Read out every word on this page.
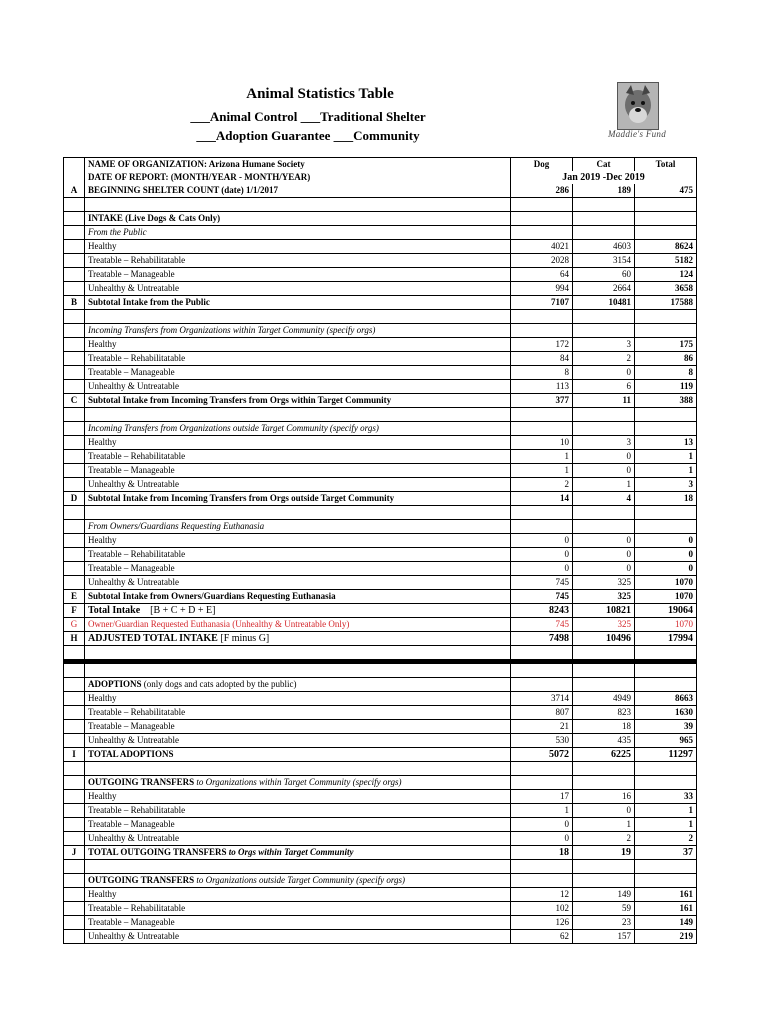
Animal Statistics Table
___Animal Control ___Traditional Shelter
___Adoption Guarantee ___Community	Maddie's Fund
	NAME OF ORGANIZATION: Arizona Humane Society	Dog	Cat	Total
	DATE OF REPORT: (MONTH/YEAR - MONTH/YEAR)	Jan 2019 -Dec 2019		
A	BEGINNING SHELTER COUNT (date) 1/1/2017	286	189	475

	INTAKE (Live Dogs & Cats Only)			
	From the Public			
	Healthy	4021	4603	8624
	Treatable – Rehabilitatable	2028	3154	5182
	Treatable – Manageable	64	60	124
	Unhealthy & Untreatable	994	2664	3658
B	Subtotal Intake from the Public	7107	10481	17588

	Incoming Transfers from Organizations within Target Community (specify orgs)			
	Healthy	172	3	175
	Treatable – Rehabilitatable	84	2	86
	Treatable – Manageable	8	0	8
	Unhealthy & Untreatable	113	6	119
C	Subtotal Intake from Incoming Transfers from Orgs within Target Community	377	11	388

	Incoming Transfers from Organizations outside Target Community (specify orgs)			
	Healthy	10	3	13
	Treatable – Rehabilitatable	1	0	1
	Treatable – Manageable	1	0	1
	Unhealthy & Untreatable	2	1	3
D	Subtotal Intake from Incoming Transfers from Orgs outside Target Community	14	4	18

	From Owners/Guardians Requesting Euthanasia			
	Healthy	0	0	0
	Treatable – Rehabilitatable	0	0	0
	Treatable – Manageable	0	0	0
	Unhealthy & Untreatable	745	325	1070
E	Subtotal Intake from Owners/Guardians Requesting Euthanasia	745	325	1070
F	Total Intake [B + C + D + E]	8243	10821	19064
G	Owner/Guardian Requested Euthanasia (Unhealthy & Untreatable Only)	745	325	1070
H	ADJUSTED TOTAL INTAKE [F minus G]	7498	10496	17994

	ADOPTIONS (only dogs and cats adopted by the public)			
	Healthy	3714	4949	8663
	Treatable – Rehabilitatable	807	823	1630
	Treatable – Manageable	21	18	39
	Unhealthy & Untreatable	530	435	965
I	TOTAL ADOPTIONS	5072	6225	11297

	OUTGOING TRANSFERS to Organizations within Target Community (specify orgs)			
	Healthy	17	16	33
	Treatable – Rehabilitatable	1	0	1
	Treatable – Manageable	0	1	1
	Unhealthy & Untreatable	0	2	2
J	TOTAL OUTGOING TRANSFERS to Orgs within Target Community	18	19	37

	OUTGOING TRANSFERS to Organizations outside Target Community (specify orgs)			
	Healthy	12	149	161
	Treatable – Rehabilitatable	102	59	161
	Treatable – Manageable	126	23	149
	Unhealthy & Untreatable	62	157	219
